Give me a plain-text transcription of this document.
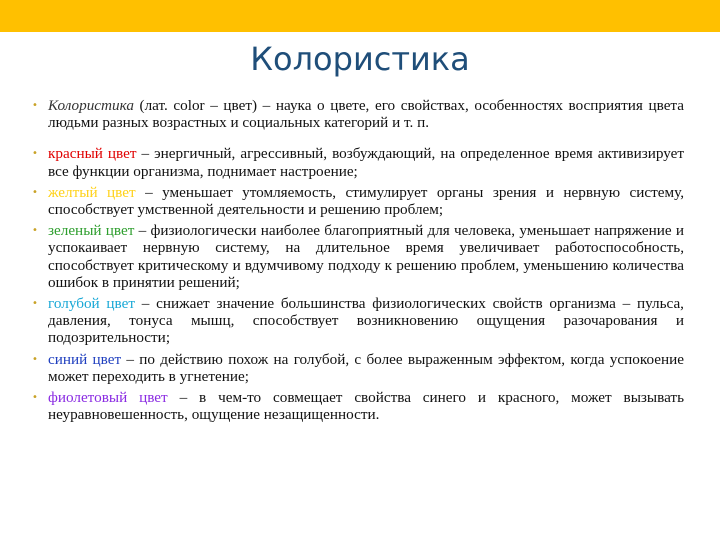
Колористика

• Колористика (лат. color – цвет) – наука о цвете, его свойствах, особенностях восприятия цвета людьми разных возрастных и социальных категорий и т. п.

• красный цвет – энергичный, агрессивный, возбуждающий, на определенное время активизирует все функции организма, поднимает настроение;

• желтый цвет – уменьшает утомляемость, стимулирует органы зрения и нервную систему, способствует умственной деятельности и решению проблем;

• зеленый цвет – физиологически наиболее благоприятный для человека, уменьшает напряжение и успокаивает нервную систему, на длительное время увеличивает работоспособность, способствует критическому и вдумчивому подходу к решению проблем, уменьшению количества ошибок в принятии решений;

• голубой цвет – снижает значение большинства физиологических свойств организма – пульса, давления, тонуса мышц, способствует возникновению ощущения разочарования и подозрительности;

• синий цвет – по действию похож на голубой, с более выраженным эффектом, когда успокоение может переходить в угнетение;

• фиолетовый цвет – в чем-то совмещает свойства синего и красного, может вызывать неуравновешенность, ощущение незащищенности.
